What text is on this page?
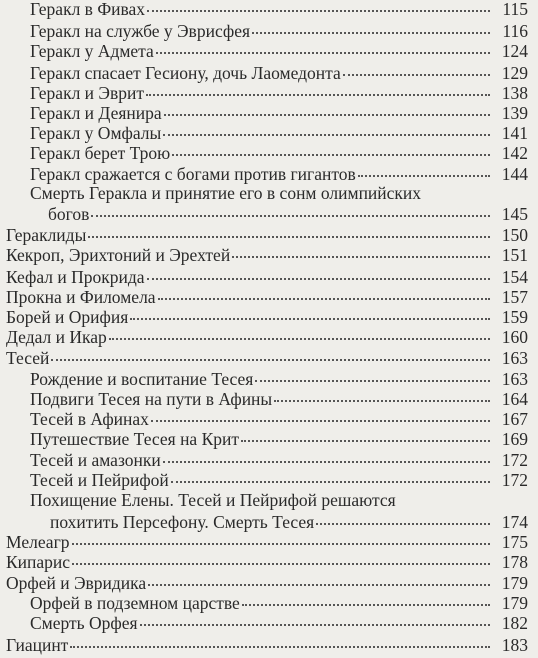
Геракл в Фивах	115
Геракл на службе у Эврисфея	116
Геракл у Адмета	124
Геракл спасает Гесиону, дочь Лаомедонта	129
Геракл и Эврит	138
Геракл и Деянира	139
Геракл у Омфалы	141
Геракл берет Трою	142
Геракл сражается с богами против гигантов	144
Смерть Геракла и принятие его в сонм олимпийских
богов	145
Гераклиды	150
Кекроп, Эрихтоний и Эрехтей	151
Кефал и Прокрида	154
Прокна и Филомела	157
Борей и Орифия	159
Дедал и Икар	160
Тесей	163
Рождение и воспитание Тесея	163
Подвиги Тесея на пути в Афины	164
Тесей в Афинах	167
Путешествие Тесея на Крит	169
Тесей и амазонки	172
Тесей и Пейрифой	172
Похищение Елены. Тесей и Пейрифой решаются
похитить Персефону. Смерть Тесея	174
Мелеагр	175
Кипарис	178
Орфей и Эвридика	179
Орфей в подземном царстве	179
Смерть Орфея	182
Гиацинт	183
